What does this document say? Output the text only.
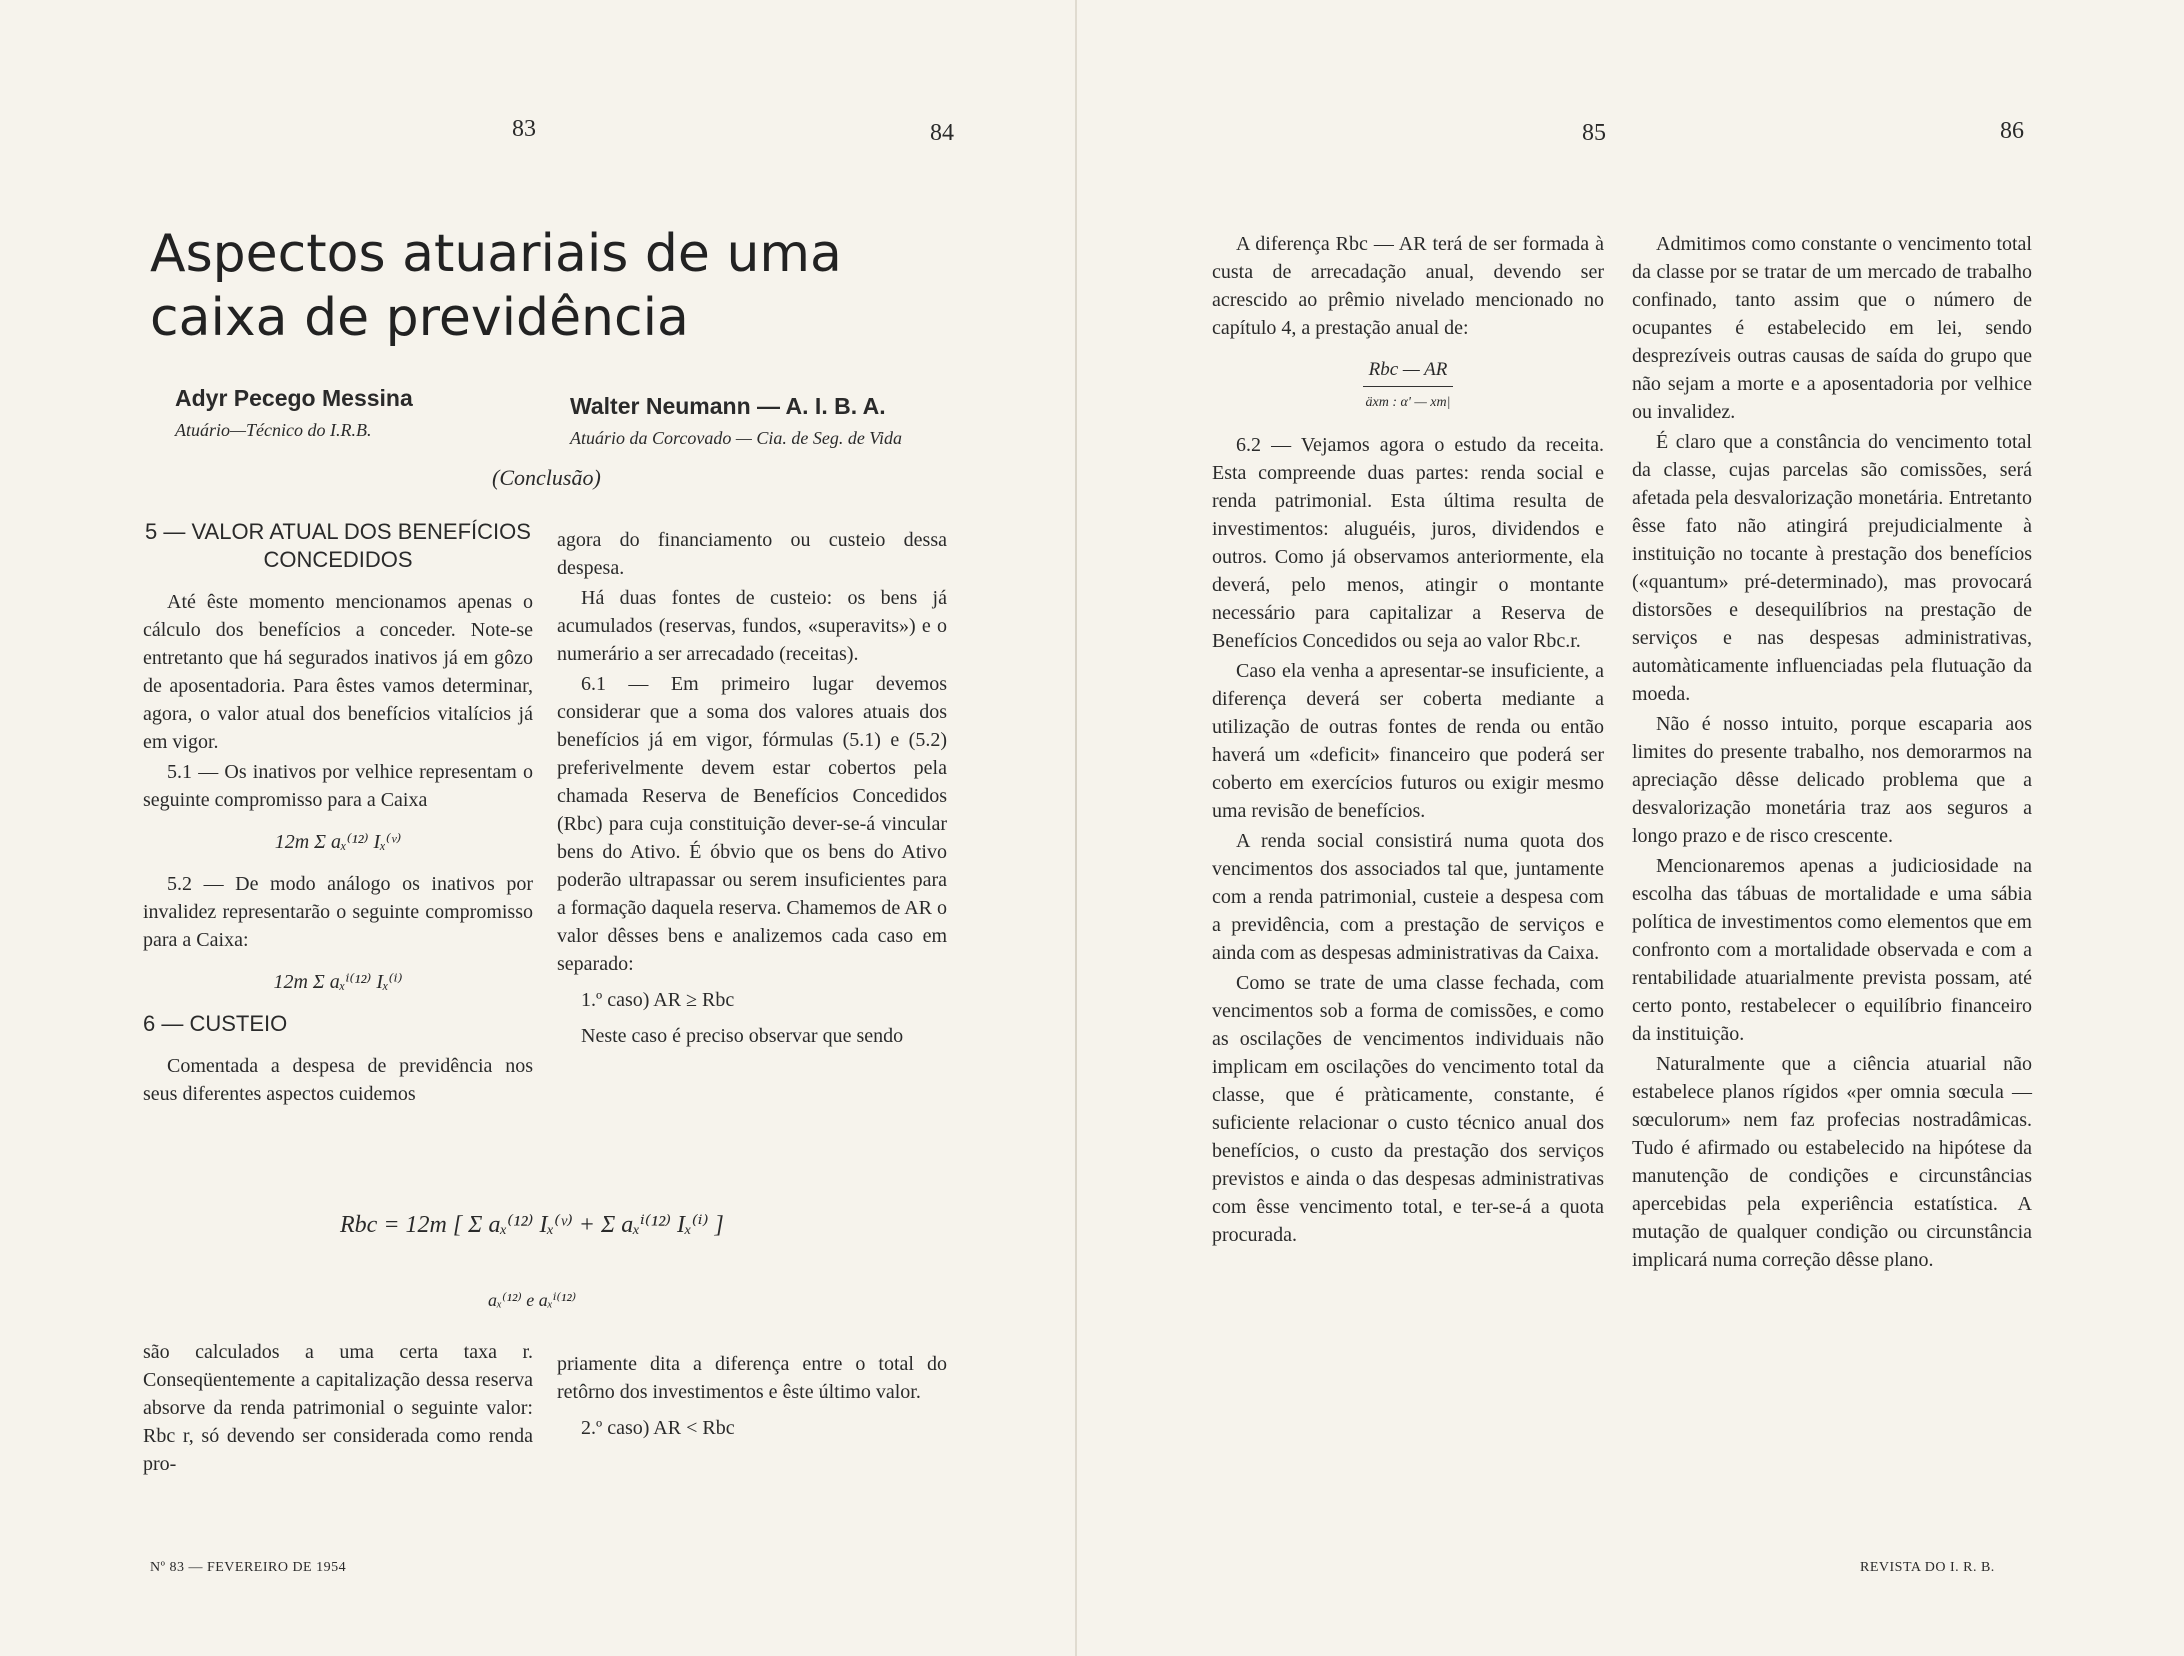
83	84	85	86
Aspectos atuariais de uma caixa de previdência
Adyr Pecego Messina
Atuário—Técnico do I.R.B.
Walter Neumann — A. I. B. A.
Atuário da Corcovado — Cia. de Seg. de Vida
(Conclusão)
5 — VALOR ATUAL DOS BENEFÍCIOS CONCEDIDOS

Até êste momento mencionamos apenas o cálculo dos benefícios a conceder. Note-se entretanto que há segurados inativos já em gôzo de aposentadoria. Para êstes vamos determinar, agora, o valor atual dos benefícios vitalícios já em vigor.

5.1 — Os inativos por velhice representam o seguinte compromisso para a Caixa

12m Σ aₓ⁽¹²⁾ Iₓ⁽ᵛ⁾

5.2 — De modo análogo os inativos por invalidez representarão o seguinte compromisso para a Caixa:

12m Σ aₓⁱ⁽¹²⁾ Iₓ⁽ⁱ⁾
6 — CUSTEIO

Comentada a despesa de previdência nos seus diferentes aspectos cuidemos

agora do financiamento ou custeio dessa despesa.

Há duas fontes de custeio: os bens já acumulados (reservas, fundos, «superavits») e o numerário a ser arrecadado (receitas).

6.1 — Em primeiro lugar devemos considerar que a soma dos valores atuais dos benefícios já em vigor, fórmulas (5.1) e (5.2) preferivelmente devem estar cobertos pela chamada Reserva de Benefícios Concedidos (Rbc) para cuja constituição dever-se-á vincular bens do Ativo. É óbvio que os bens do Ativo poderão ultrapassar ou serem insuficientes para a formação daquela reserva. Chamemos de AR o valor dêsses bens e analizemos cada caso em separado:

1.º caso) AR ≥ Rbc

Neste caso é preciso observar que sendo

Rbc = 12m [ Σ aₓ⁽¹²⁾ Iₓ⁽ᵛ⁾ + Σ aₓⁱ⁽¹²⁾ Iₓ⁽ⁱ⁾ ]
aₓ⁽¹²⁾ e aₓⁱ⁽¹²⁾

são calculados a uma certa taxa r. Conseqüentemente a capitalização dessa reserva absorve da renda patrimonial o seguinte valor: Rbc r, só devendo ser considerada como renda pro-

priamente dita a diferença entre o total do retôrno dos investimentos e êste último valor.

2.º caso) AR < Rbc
Nº 83 — FEVEREIRO DE 1954

A diferença Rbc — AR terá de ser formada à custa de arrecadação anual, devendo ser acrescido ao prêmio nivelado mencionado no capítulo 4, a prestação anual de:

$\frac{\text{Rbc — AR}}{\text{äxm : α' — xm|}}$

6.2 — Vejamos agora o estudo da receita. Esta compreende duas partes: renda social e renda patrimonial. Esta última resulta de investimentos: aluguéis, juros, dividendos e outros. Como já observamos anteriormente, ela deverá, pelo menos, atingir o montante necessário para capitalizar a Reserva de Benefícios Concedidos ou seja ao valor Rbc.r.

Caso ela venha a apresentar-se insuficiente, a diferença deverá ser coberta mediante a utilização de outras fontes de renda ou então haverá um «deficit» financeiro que poderá ser coberto em exercícios futuros ou exigir mesmo uma revisão de benefícios.

A renda social consistirá numa quota dos vencimentos dos associados tal que, juntamente com a renda patrimonial, custeie a despesa com a previdência, com a prestação de serviços e ainda com as despesas administrativas da Caixa.

Como se trate de uma classe fechada, com vencimentos sob a forma de comissões, e como as oscilações de vencimentos individuais não implicam em oscilações do vencimento total da classe, que é pràticamente, constante, é suficiente relacionar o custo técnico anual dos benefícios, o custo da prestação dos serviços previstos e ainda o das despesas administrativas com êsse vencimento total, e ter-se-á a quota procurada.

Admitimos como constante o vencimento total da classe por se tratar de um mercado de trabalho confinado, tanto assim que o número de ocupantes é estabelecido em lei, sendo desprezíveis outras causas de saída do grupo que não sejam a morte e a aposentadoria por velhice ou invalidez.

É claro que a constância do vencimento total da classe, cujas parcelas são comissões, será afetada pela desvalorização monetária. Entretanto êsse fato não atingirá prejudicialmente à instituição no tocante à prestação dos benefícios («quantum» pré-determinado), mas provocará distorsões e desequilíbrios na prestação de serviços e nas despesas administrativas, automàticamente influenciadas pela flutuação da moeda.

Não é nosso intuito, porque escaparia aos limites do presente trabalho, nos demorarmos na apreciação dêsse delicado problema que a desvalorização monetária traz aos seguros a longo prazo e de risco crescente.

Mencionaremos apenas a judiciosidade na escolha das tábuas de mortalidade e uma sábia política de investimentos como elementos que em confronto com a mortalidade observada e com a rentabilidade atuarialmente prevista possam, até certo ponto, restabelecer o equilíbrio financeiro da instituição.

Naturalmente que a ciência atuarial não estabelece planos rígidos «per omnia sœcula — sœculorum» nem faz profecias nostradâmicas. Tudo é afirmado ou estabelecido na hipótese da manutenção de condições e circunstâncias apercebidas pela experiência estatística. A mutação de qualquer condição ou circunstância implicará numa correção dêsse plano.

REVISTA DO I. R. B.
